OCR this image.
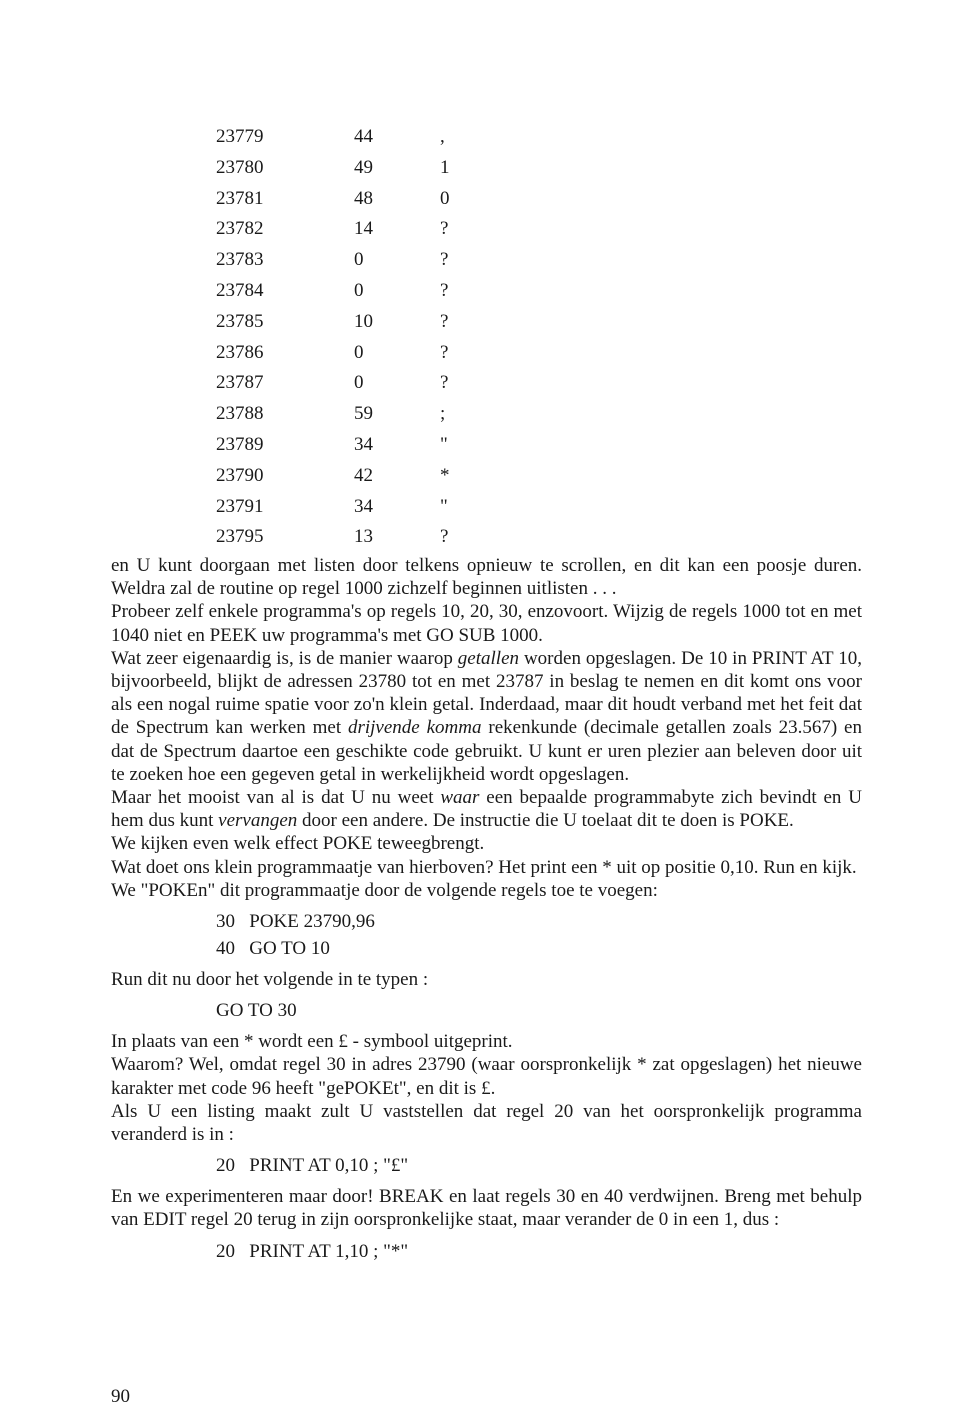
23779	44	,
23780	49	1
23781	48	0
23782	14	?
23783	0	?
23784	0	?
23785	10	?
23786	0	?
23787	0	?
23788	59	;
23789	34	"
23790	42	*
23791	34	"
23795	13	?

en U kunt doorgaan met listen door telkens opnieuw te scrollen, en dit kan een poosje duren. Weldra zal de routine op regel 1000 zichzelf beginnen uitlisten . . .

Probeer zelf enkele programma's op regels 10, 20, 30, enzovoort. Wijzig de regels 1000 tot en met 1040 niet en PEEK uw programma's met GO SUB 1000.

Wat zeer eigenaardig is, is de manier waarop getallen worden opgeslagen. De 10 in PRINT AT 10, bijvoorbeeld, blijkt de adressen 23780 tot en met 23787 in beslag te nemen en dit komt ons voor als een nogal ruime spatie voor zo'n klein getal. Inderdaad, maar dit houdt verband met het feit dat de Spectrum kan werken met drijvende komma rekenkunde (decimale getallen zoals 23.567) en dat de Spectrum daartoe een geschikte code gebruikt. U kunt er uren plezier aan beleven door uit te zoeken hoe een gegeven getal in werkelijkheid wordt opgeslagen.

Maar het mooist van al is dat U nu weet waar een bepaalde programmabyte zich bevindt en U hem dus kunt vervangen door een andere. De instructie die U toelaat dit te doen is POKE.

We kijken even welk effect POKE teweegbrengt.

Wat doet ons klein programmaatje van hierboven? Het print een * uit op positie 0,10. Run en kijk.

We "POKEn" dit programmaatje door de volgende regels toe te voegen:

30   POKE 23790,96

40   GO TO 10

Run dit nu door het volgende in te typen :

GO TO 30

In plaats van een * wordt een £ - symbool uitgeprint.

Waarom? Wel, omdat regel 30 in adres 23790 (waar oorspronkelijk * zat opgeslagen) het nieuwe karakter met code 96 heeft "gePOKEt", en dit is £.

Als U een listing maakt zult U vaststellen dat regel 20 van het oorspronkelijk programma veranderd is in :

20   PRINT AT 0,10 ; "£"

En we experimenteren maar door! BREAK en laat regels 30 en 40 verdwijnen. Breng met behulp van EDIT regel 20 terug in zijn oorspronkelijke staat, maar verander de 0 in een 1, dus :

20   PRINT AT 1,10 ; "*"

90
